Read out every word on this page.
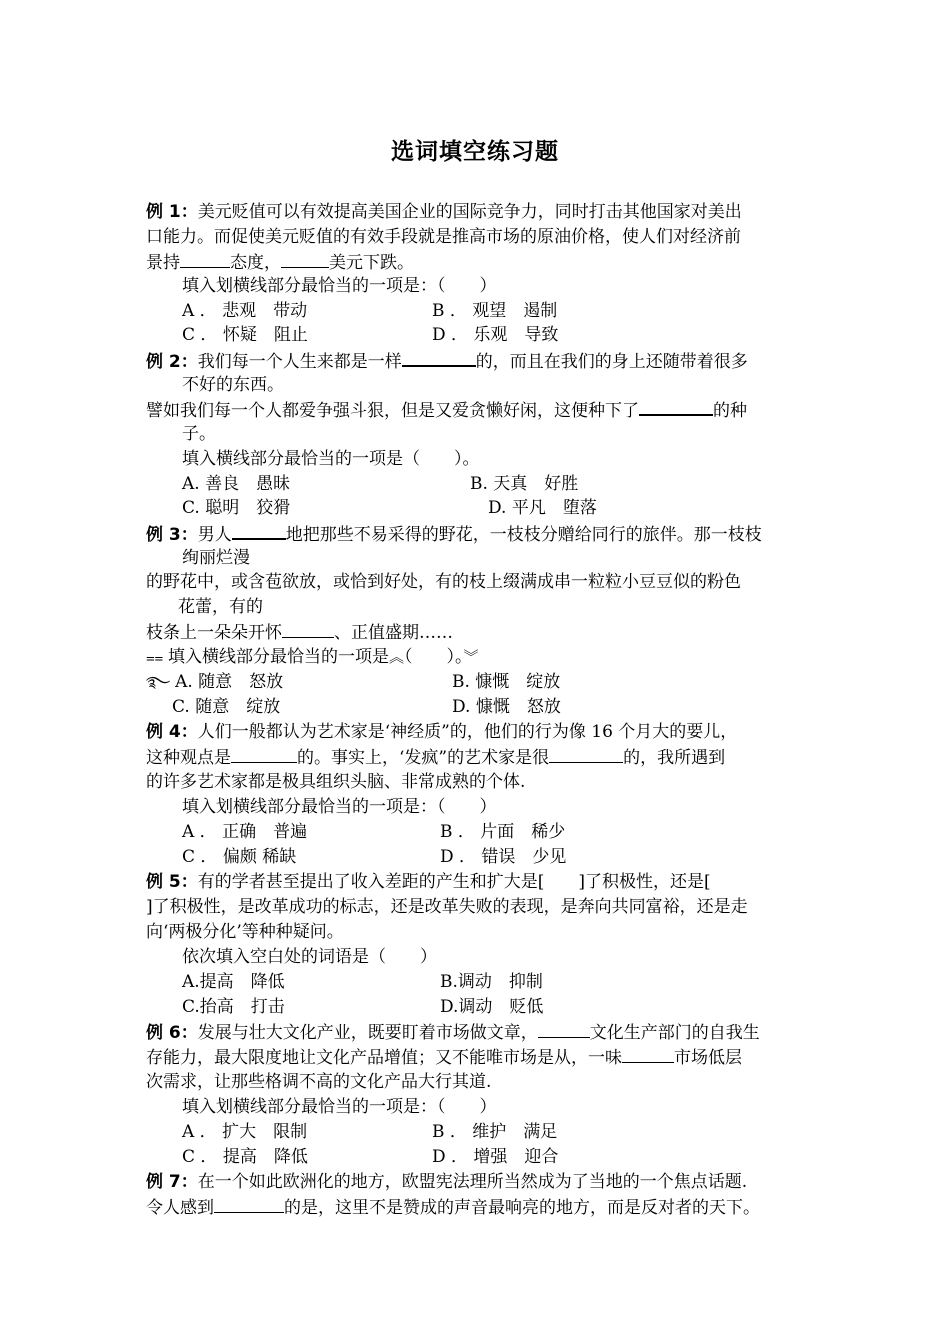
选词填空练习题
例 1：美元贬值可以有效提高美国企业的国际竞争力，同时打击其他国家对美出
口能力。而促使美元贬值的有效手段就是推高市场的原油价格，使人们对经济前
景持	态度，	美元下跌。
填入划横线部分最恰当的一项是：（　　）
A ． 悲观　带动	B ． 观望　遏制
C ． 怀疑　阻止	D ． 乐观　导致
例 2：我们每一个人生来都是一样	的，而且在我们的身上还随带着很多
不好的东西。
譬如我们每一个人都爱争强斗狠，但是又爱贪懒好闲，这便种下了	的种
子。
填入横线部分最恰当的一项是（　　）。
A. 善良　愚昧	B. 天真　好胜
C. 聪明　狡猾	D. 平凡　堕落
例 3：男人	地把那些不易采得的野花，一枝枝分赠给同行的旅伴。那一枝枝
绚丽烂漫
的野花中，或含苞欲放，或恰到好处，有的枝上缀满成串一粒粒小豆豆似的粉色
花蕾，有的
枝条上一朵朵开怀	、正值盛期……
⩵ 填入横线部分最恰当的一项是︽（　　）。︾
࿐ A. 随意　怒放	B. 慷慨　绽放
C. 随意　绽放	D. 慷慨　怒放
例 4：人们一般都认为艺术家是‘神经质”的，他们的行为像 16 个月大的要儿，
这种观点是	的。事实上，‘发疯”的艺术家是很	的，我所遇到
的许多艺术家都是极具组织头脑、非常成熟的个体.
填入划横线部分最恰当的一项是：（　　）
A ． 正确　普遍	B ． 片面　稀少
C ． 偏颇 稀缺	D ． 错误　少见
例 5：有的学者甚至提出了收入差距的产生和扩大是[　　]了积极性，还是[
]了积极性，是改革成功的标志，还是改革失败的表现，是奔向共同富裕，还是走
向‘两极分化’等种种疑问。
依次填入空白处的词语是（　　）
A.提高　降低	B.调动　抑制
C.抬高　打击	D.调动　贬低
例 6：发展与壮大文化产业，既要盯着市场做文章，	文化生产部门的自我生
存能力，最大限度地让文化产品增值；又不能唯市场是从，一味	市场低层
次需求，让那些格调不高的文化产品大行其道.
填入划横线部分最恰当的一项是：（　　）
A ． 扩大　限制	B ． 维护　满足
C ． 提高　降低	D ． 增强　迎合
例 7：在一个如此欧洲化的地方，欧盟宪法理所当然成为了当地的一个焦点话题.
令人感到	的是，这里不是赞成的声音最响亮的地方，而是反对者的天下。
